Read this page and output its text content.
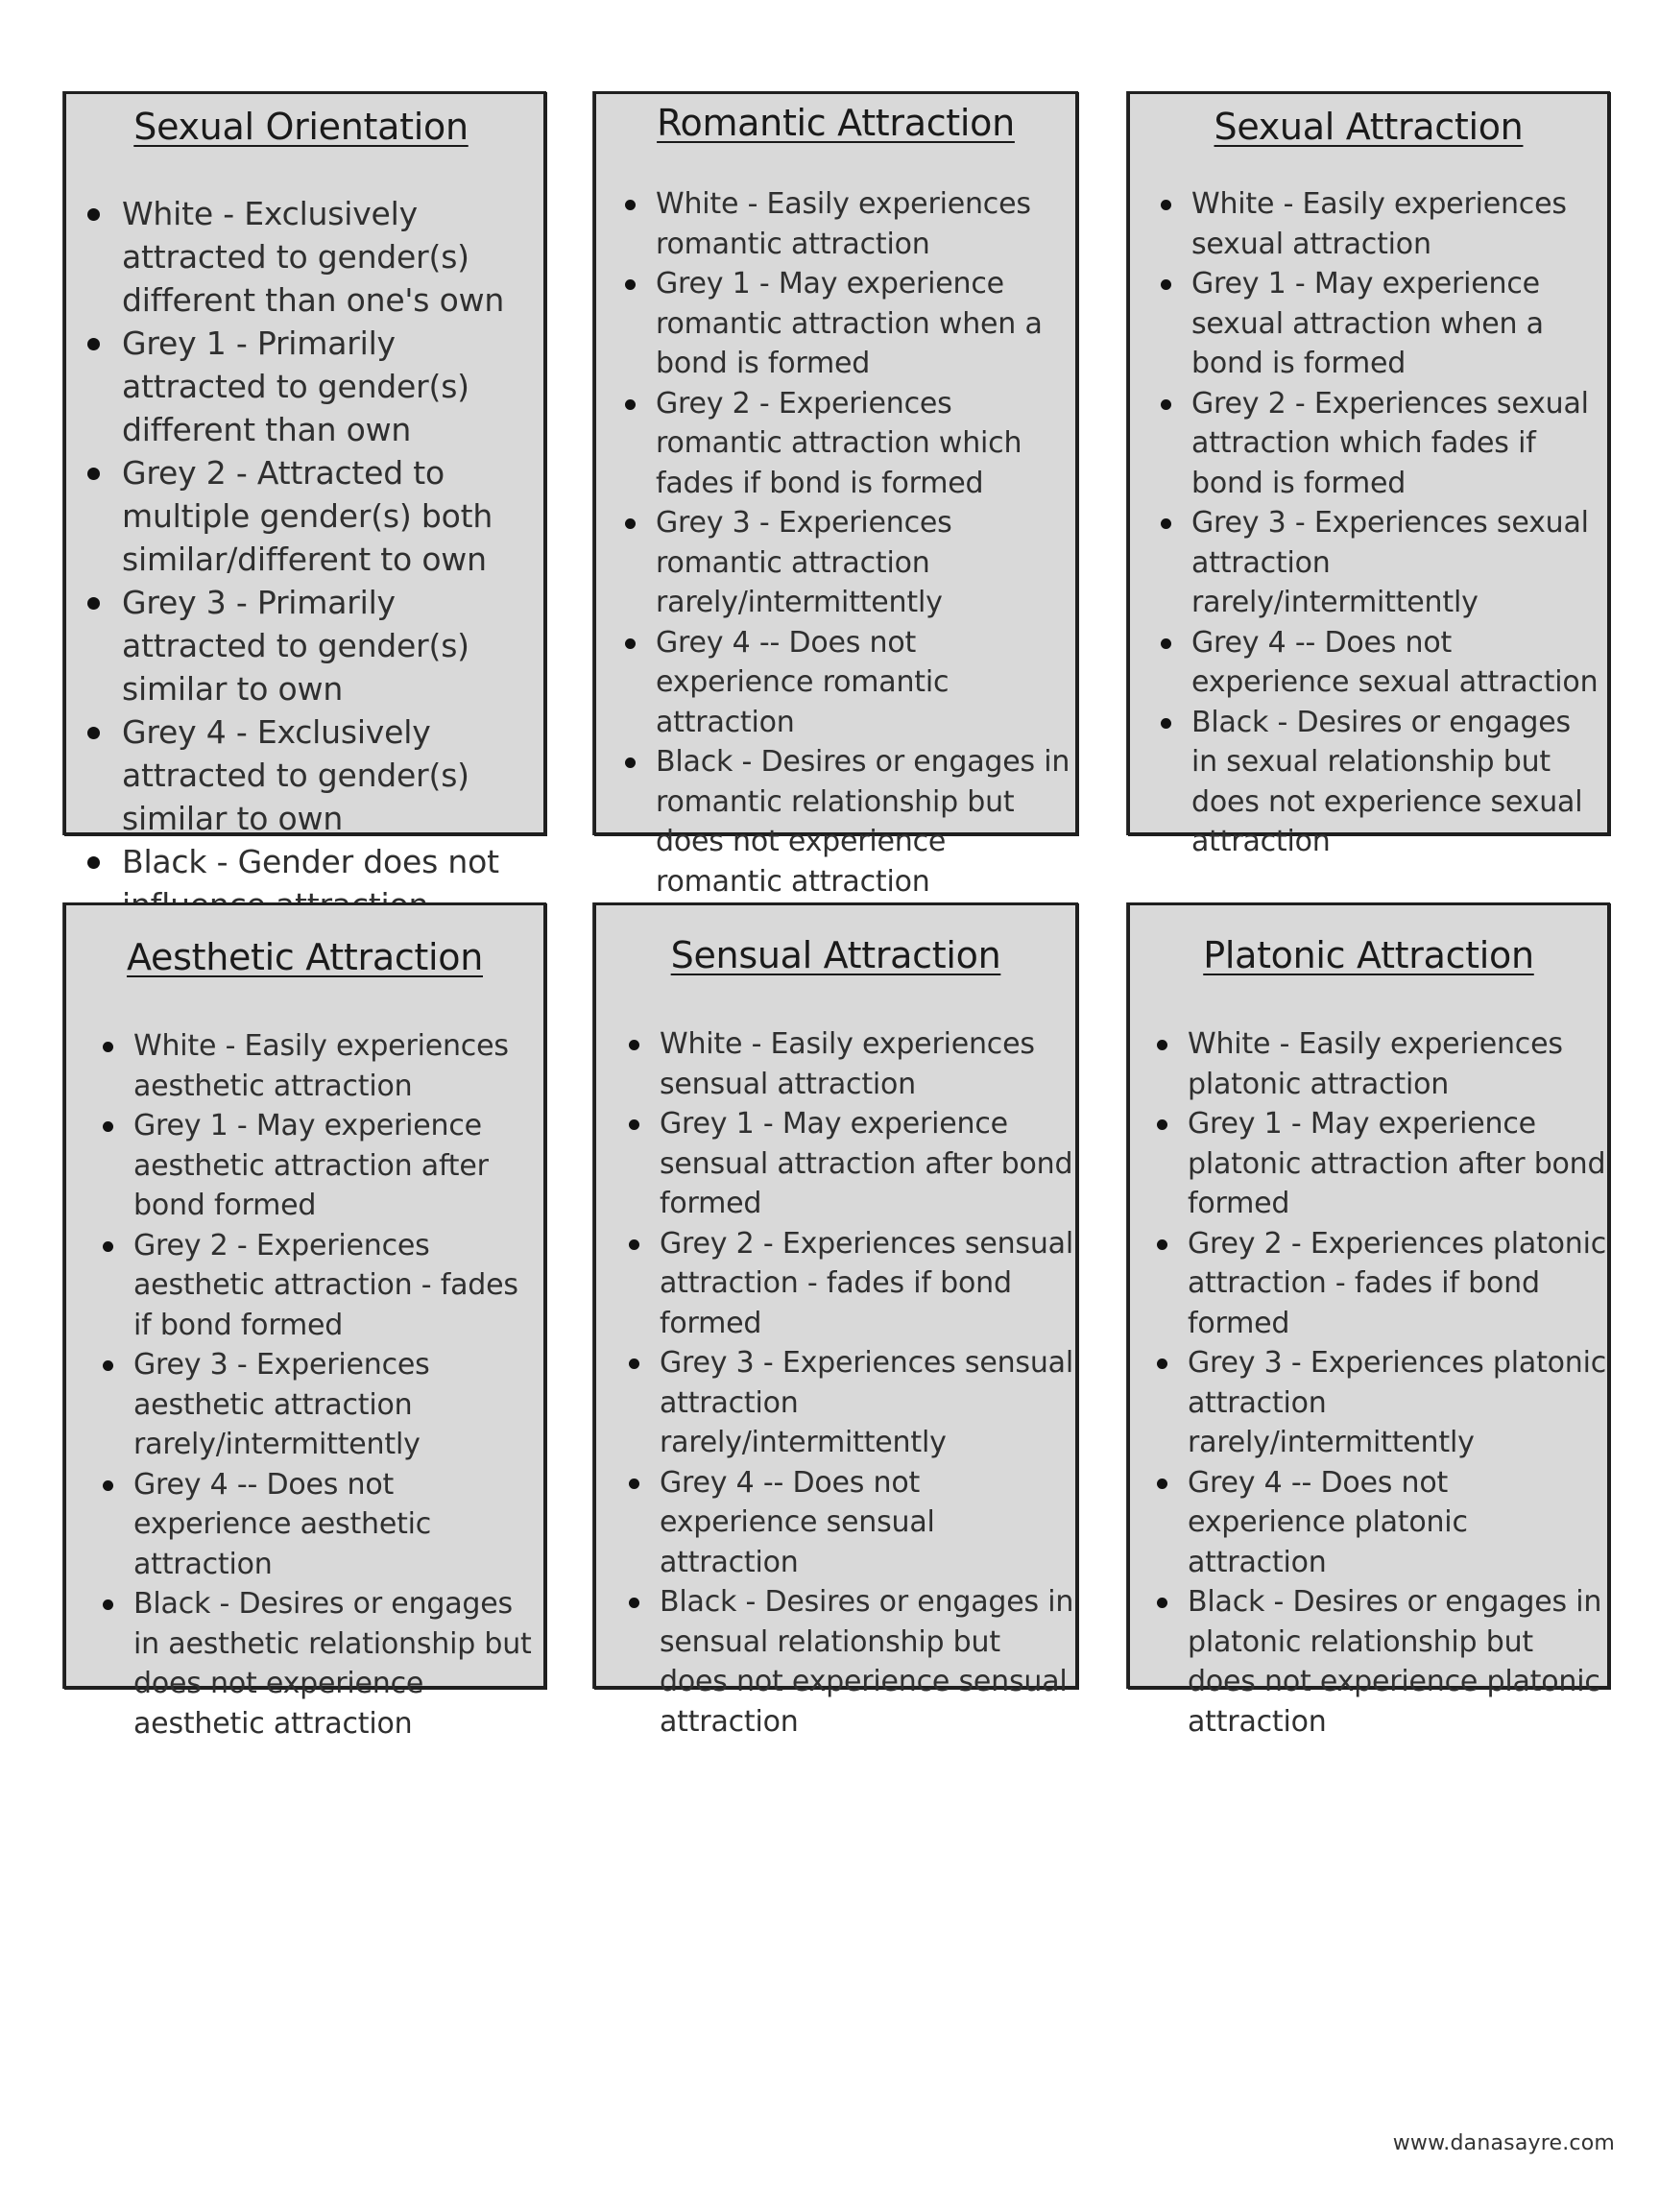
Sexual Orientation
White - Exclusively attracted to gender(s) different than one's own
Grey 1 - Primarily attracted to gender(s) different than own
Grey 2 - Attracted to multiple gender(s) both similar/different to own
Grey 3 - Primarily attracted to gender(s) similar to own
Grey 4 - Exclusively attracted to gender(s) similar to own
Black - Gender does not
Romantic Attraction
White - Easily experiences romantic attraction
Grey 1 - May experience romantic attraction when a bond is formed
Grey 2 - Experiences romantic attraction which fades if bond is formed
Grey 3 - Experiences romantic attraction rarely/intermittently
Grey 4 -- Does not experience romantic attraction
Black - Desires or engages in romantic relationship but does not experience romantic attraction
Sexual Attraction
White - Easily experiences sexual attraction
Grey 1 - May experience sexual attraction when a bond is formed
Grey 2 - Experiences sexual attraction which fades if bond is formed
Grey 3 - Experiences sexual attraction rarely/intermittently
Grey 4 -- Does not experience sexual attraction
Black - Desires or engages in sexual relationship but does not experience sexual attraction
Aesthetic Attraction
White - Easily experiences aesthetic attraction
Grey 1 - May experience aesthetic attraction after bond formed
Grey 2 - Experiences aesthetic attraction - fades if bond formed
Grey 3 - Experiences aesthetic attraction rarely/intermittently
Grey 4 -- Does not experience aesthetic attraction
Black - Desires or engages in aesthetic relationship but does not experience aesthetic attraction
Sensual Attraction
White - Easily experiences sensual attraction
Grey 1 - May experience sensual attraction after bond formed
Grey 2 - Experiences sensual attraction - fades if bond formed
Grey 3 - Experiences sensual attraction rarely/intermittently
Grey 4 -- Does not experience sensual attraction
Black - Desires or engages in sensual relationship but does not experience sensual attraction
Platonic Attraction
White - Easily experiences platonic attraction
Grey 1 - May experience platonic attraction after bond formed
Grey 2 - Experiences platonic attraction - fades if bond formed
Grey 3 - Experiences platonic attraction rarely/intermittently
Grey 4 -- Does not experience platonic attraction
Black - Desires or engages in platonic relationship but does not experience platonic attraction
www.danasayre.com
